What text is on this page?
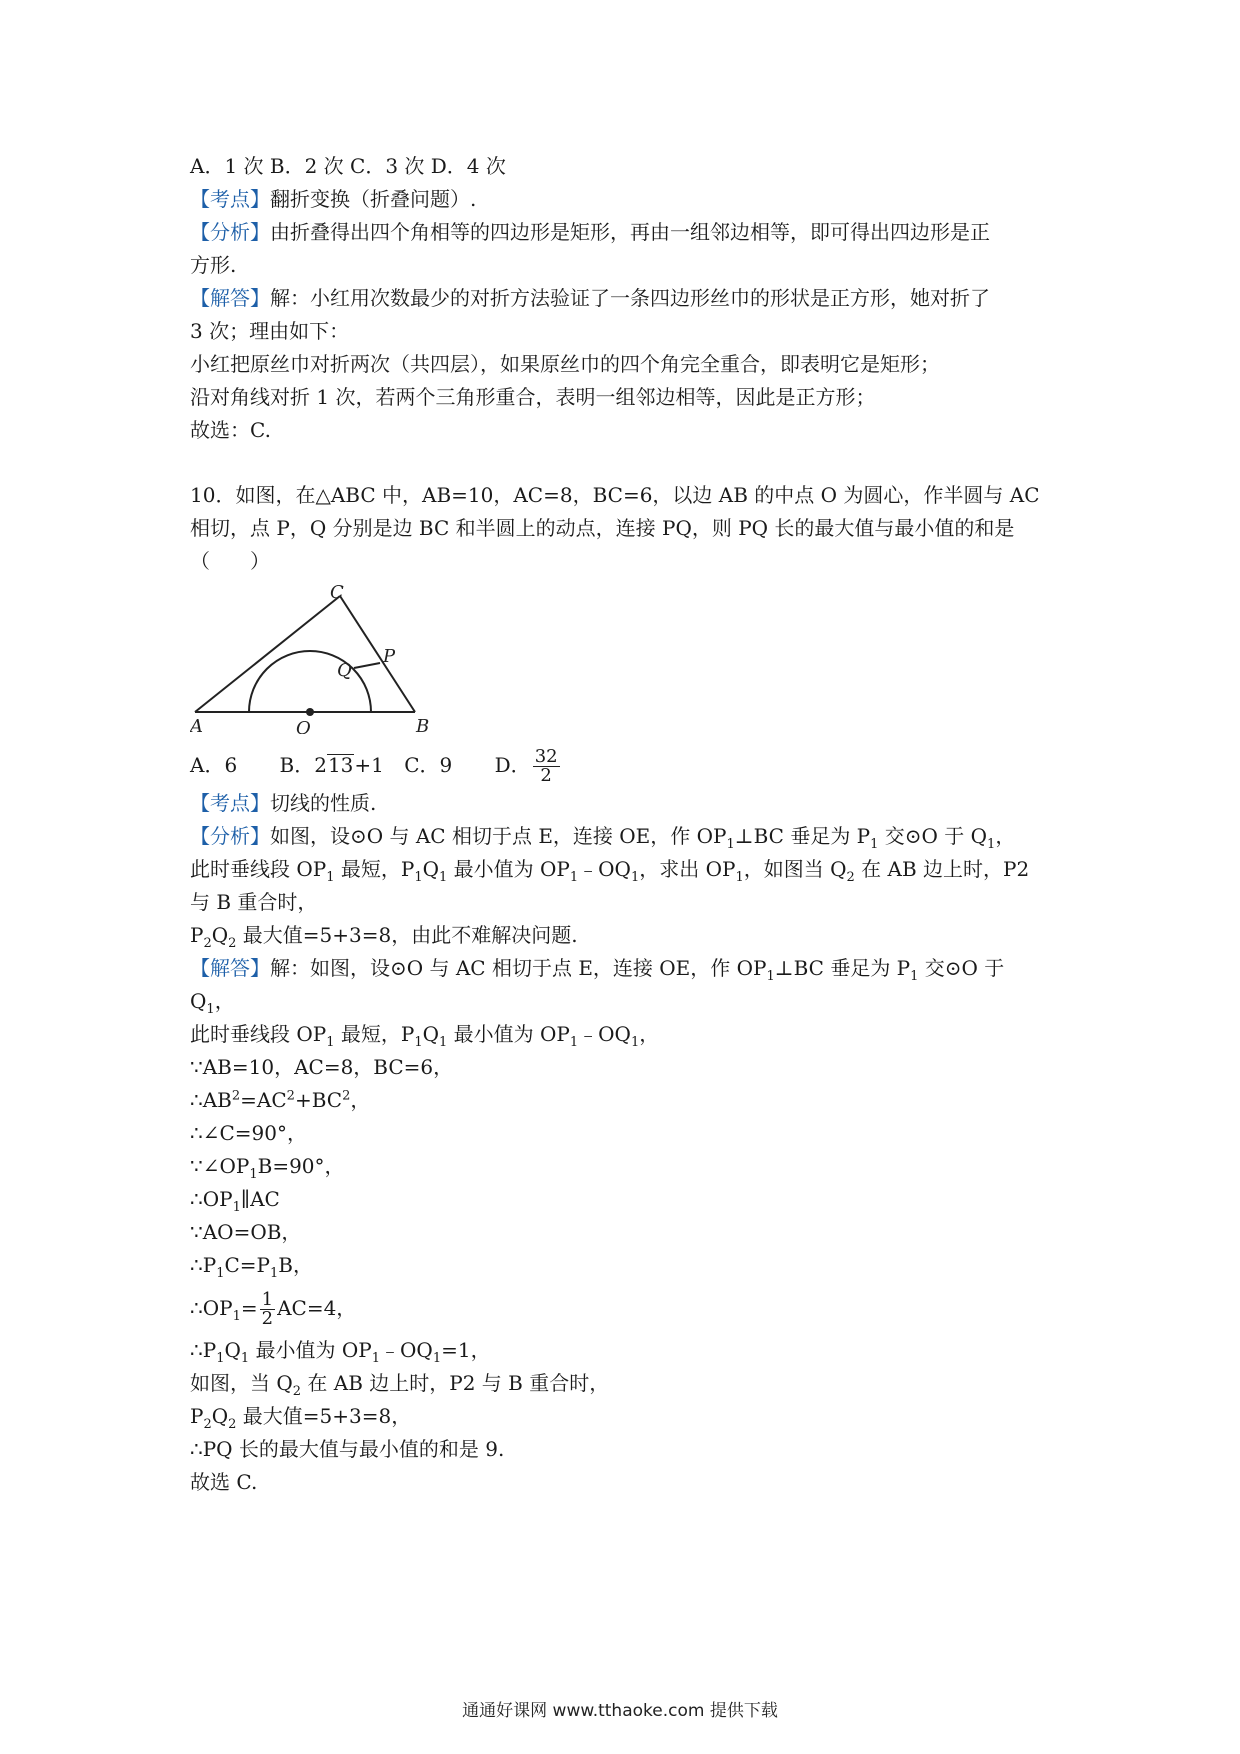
A．1 次 B．2 次 C．3 次 D．4 次
【考点】翻折变换（折叠问题）.
【分析】由折叠得出四个角相等的四边形是矩形，再由一组邻边相等，即可得出四边形是正
方形.
【解答】解：小红用次数最少的对折方法验证了一条四边形丝巾的形状是正方形，她对折了
3 次；理由如下：
小红把原丝巾对折两次（共四层），如果原丝巾的四个角完全重合，即表明它是矩形；
沿对角线对折 1 次，若两个三角形重合，表明一组邻边相等，因此是正方形；
故选：C.
10．如图，在△ABC 中，AB=10，AC=8，BC=6，以边 AB 的中点 O 为圆心，作半圆与 AC
相切，点 P，Q 分别是边 BC 和半圆上的动点，连接 PQ，则 PQ 长的最大值与最小值的和是
（　　）
C
A	B
O
P
Q
A．6 B．213+1 C．9 D． $\frac{32}{2}$
【考点】切线的性质.
【分析】如图，设⊙O 与 AC 相切于点 E，连接 OE，作 $OP_1\perp BC$ 垂足为 $P_1$ 交⊙O 于 $Q_1$，
此时垂线段 $OP_1$ 最短，$P_1Q_1$ 最小值为 $OP_1﹣OQ_1$，求出 $OP_1$，如图当 $Q_2$ 在 AB 边上时，P2
与 B 重合时，
$P_2Q_2$ 最大值=5+3=8，由此不难解决问题.
【解答】解：如图，设⊙O 与 AC 相切于点 E，连接 OE，作 $OP_1\perp BC$ 垂足为 $P_1$ 交⊙O 于
$Q_1$，
此时垂线段 $OP_1$ 最短，$P_1Q_1$ 最小值为 $OP_1﹣OQ_1$，
∵AB=10，AC=8，BC=6，
$\therefore AB^2=AC^2+BC^2$，
∴∠C=90°，
$\because\angle OP_1B=90^\circ$，
$\therefore OP_1\parallel AC$
∵AO=OB，
$\therefore P_1C=P_1B$，
$\therefore OP_1= \frac{1}{2} AC=4$，
$\therefore P_1Q_1$ 最小值为 $OP_1﹣OQ_1=1$，
如图，当 $Q_2$ 在 AB 边上时，P2 与 B 重合时，
$P_2Q_2$ 最大值=5+3=8，
∴PQ 长的最大值与最小值的和是 9.
故选 C.
通通好课网 www.tthaoke.com 提供下载
